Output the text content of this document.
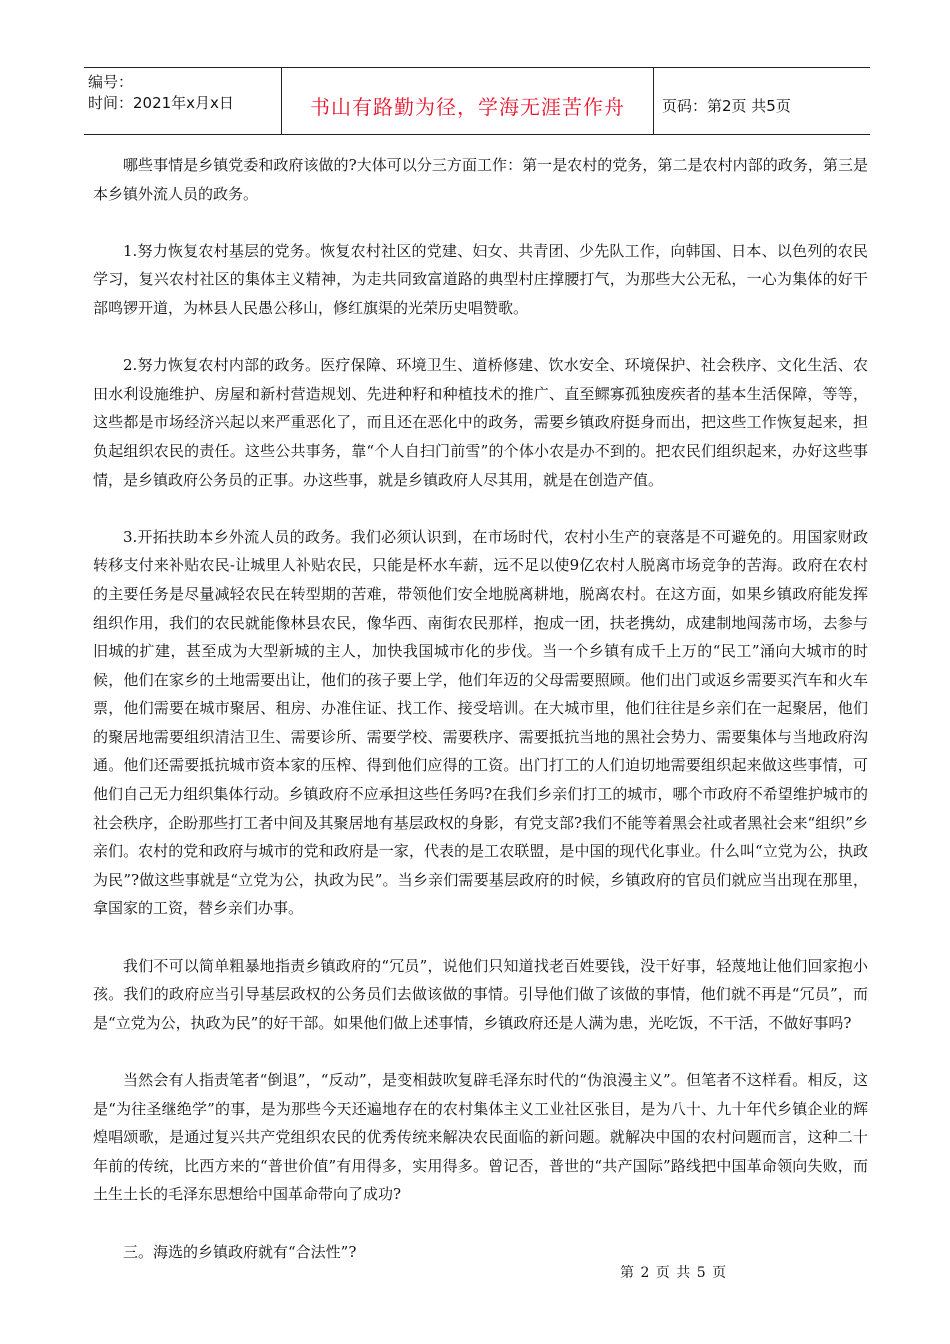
编号：
时间：2021年x月x日	书山有路勤为径，学海无涯苦作舟	页码：第2页 共5页

哪些事情是乡镇党委和政府该做的?大体可以分三方面工作：第一是农村的党务，第二是农村内部的政务，第三是本乡镇外流人员的政务。

1.努力恢复农村基层的党务。恢复农村社区的党建、妇女、共青团、少先队工作，向韩国、日本、以色列的农民学习，复兴农村社区的集体主义精神，为走共同致富道路的典型村庄撑腰打气，为那些大公无私，一心为集体的好干部鸣锣开道，为林县人民愚公移山，修红旗渠的光荣历史唱赞歌。

2.努力恢复农村内部的政务。医疗保障、环境卫生、道桥修建、饮水安全、环境保护、社会秩序、文化生活、农田水利设施维护、房屋和新村营造规划、先进种籽和种植技术的推广、直至鳏寡孤独废疾者的基本生活保障，等等，这些都是市场经济兴起以来严重恶化了，而且还在恶化中的政务，需要乡镇政府挺身而出，把这些工作恢复起来，担负起组织农民的责任。这些公共事务，靠“个人自扫门前雪”的个体小农是办不到的。把农民们组织起来，办好这些事情，是乡镇政府公务员的正事。办这些事，就是乡镇政府人尽其用，就是在创造产值。

3.开拓扶助本乡外流人员的政务。我们必须认识到，在市场时代，农村小生产的衰落是不可避免的。用国家财政转移支付来补贴农民-让城里人补贴农民，只能是杯水车薪，远不足以使9亿农村人脱离市场竞争的苦海。政府在农村的主要任务是尽量减轻农民在转型期的苦难，带领他们安全地脱离耕地，脱离农村。在这方面，如果乡镇政府能发挥组织作用，我们的农民就能像林县农民，像华西、南街农民那样，抱成一团，扶老携幼，成建制地闯荡市场，去参与旧城的扩建，甚至成为大型新城的主人，加快我国城市化的步伐。当一个乡镇有成千上万的“民工”涌向大城市的时候，他们在家乡的土地需要出让，他们的孩子要上学，他们年迈的父母需要照顾。他们出门或返乡需要买汽车和火车票，他们需要在城市聚居、租房、办准住证、找工作、接受培训。在大城市里，他们往往是乡亲们在一起聚居，他们的聚居地需要组织清洁卫生、需要诊所、需要学校、需要秩序、需要抵抗当地的黑社会势力、需要集体与当地政府沟通。他们还需要抵抗城市资本家的压榨、得到他们应得的工资。出门打工的人们迫切地需要组织起来做这些事情，可他们自己无力组织集体行动。乡镇政府不应承担这些任务吗?在我们乡亲们打工的城市，哪个市政府不希望维护城市的社会秩序，企盼那些打工者中间及其聚居地有基层政权的身影，有党支部?我们不能等着黑会社或者黑社会来“组织”乡亲们。农村的党和政府与城市的党和政府是一家，代表的是工农联盟，是中国的现代化事业。什么叫“立党为公，执政为民”?做这些事就是“立党为公，执政为民”。当乡亲们需要基层政府的时候，乡镇政府的官员们就应当出现在那里，拿国家的工资，替乡亲们办事。

我们不可以简单粗暴地指责乡镇政府的“冗员”，说他们只知道找老百姓要钱，没干好事，轻蔑地让他们回家抱小孩。我们的政府应当引导基层政权的公务员们去做该做的事情。引导他们做了该做的事情，他们就不再是“冗员”，而是“立党为公，执政为民”的好干部。如果他们做上述事情，乡镇政府还是人满为患，光吃饭，不干活，不做好事吗?

当然会有人指责笔者“倒退”，“反动”，是变相鼓吹复辟毛泽东时代的“伪浪漫主义”。但笔者不这样看。相反，这是“为往圣继绝学”的事，是为那些今天还遍地存在的农村集体主义工业社区张目，是为八十、九十年代乡镇企业的辉煌唱颂歌，是通过复兴共产党组织农民的优秀传统来解决农民面临的新问题。就解决中国的农村问题而言，这种二十年前的传统，比西方来的“普世价值”有用得多，实用得多。曾记否，普世的“共产国际”路线把中国革命领向失败，而土生土长的毛泽东思想给中国革命带向了成功?

三。海选的乡镇政府就有“合法性”?

第 2 页 共 5 页
